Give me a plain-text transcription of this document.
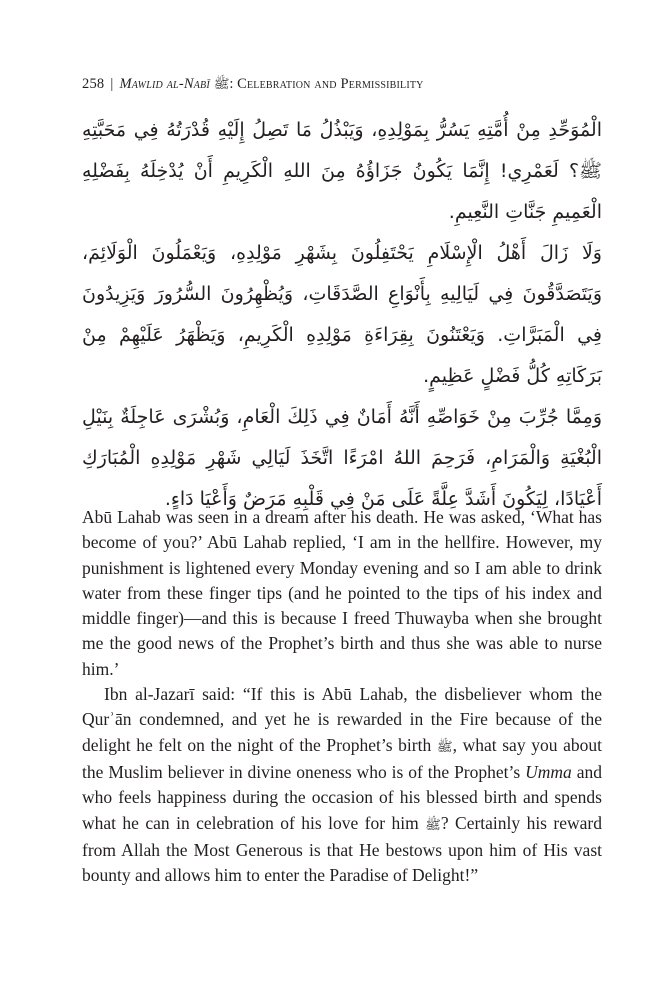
258 | Mawlid al-Nabī ﷺ: Celebration and Permissibility

الْمُوَحِّدِ مِنْ أُمَّتِهِ يَسُرُّ بِمَوْلِدِهِ، وَيَبْذُلُ مَا تَصِلُ إِلَيْهِ قُدْرَتُهُ فِي مَحَبَّتِهِ ﷺ؟ لَعَمْرِي! إِنَّمَا يَكُونُ جَزَاؤُهُ مِنَ اللهِ الْكَرِيمِ أَنْ يُدْخِلَهُ بِفَضْلِهِ الْعَمِيمِ جَنَّاتِ النَّعِيمِ.

وَلَا زَالَ أَهْلُ الْإِسْلَامِ يَحْتَفِلُونَ بِشَهْرِ مَوْلِدِهِ، وَيَعْمَلُونَ الْوَلَائِمَ، وَيَتَصَدَّقُونَ فِي لَيَالِيهِ بِأَنْوَاعِ الصَّدَقَاتِ، وَيُظْهِرُونَ السُّرُورَ وَيَزِيدُونَ فِي الْمَبَرَّاتِ. وَيَعْتَنُونَ بِقِرَاءَةِ مَوْلِدِهِ الْكَرِيمِ، وَيَظْهَرُ عَلَيْهِمْ مِنْ بَرَكَاتِهِ كُلُّ فَضْلٍ عَظِيمٍ.

وَمِمَّا جُرِّبَ مِنْ خَوَاصِّهِ أَنَّهُ أَمَانٌ فِي ذَلِكَ الْعَامِ، وَبُشْرَى عَاجِلَةٌ بِنَيْلِ الْبُغْيَةِ وَالْمَرَامِ، فَرَحِمَ اللهُ امْرَءًا اتَّخَذَ لَيَالِي شَهْرِ مَوْلِدِهِ الْمُبَارَكِ أَعْيَادًا، لِيَكُونَ أَشَدَّ عِلَّةً عَلَى مَنْ فِي قَلْبِهِ مَرَضٌ وَأَعْيَا دَاءٍ.

Abū Lahab was seen in a dream after his death. He was asked, ‘What has become of you?’ Abū Lahab replied, ‘I am in the hellfire. However, my punishment is lightened every Monday evening and so I am able to drink water from these finger tips (and he pointed to the tips of his index and middle finger)—and this is because I freed Thuwayba when she brought me the good news of the Prophet’s birth and thus she was able to nurse him.’

Ibn al-Jazarī said: “If this is Abū Lahab, the disbeliever whom the Qurʾān condemned, and yet he is rewarded in the Fire because of the delight he felt on the night of the Prophet’s birth ﷺ, what say you about the Muslim believer in divine oneness who is of the Prophet’s Umma and who feels happiness during the occasion of his blessed birth and spends what he can in celebration of his love for him ﷺ? Certainly his reward from Allah the Most Generous is that He bestows upon him of His vast bounty and allows him to enter the Paradise of Delight!”
